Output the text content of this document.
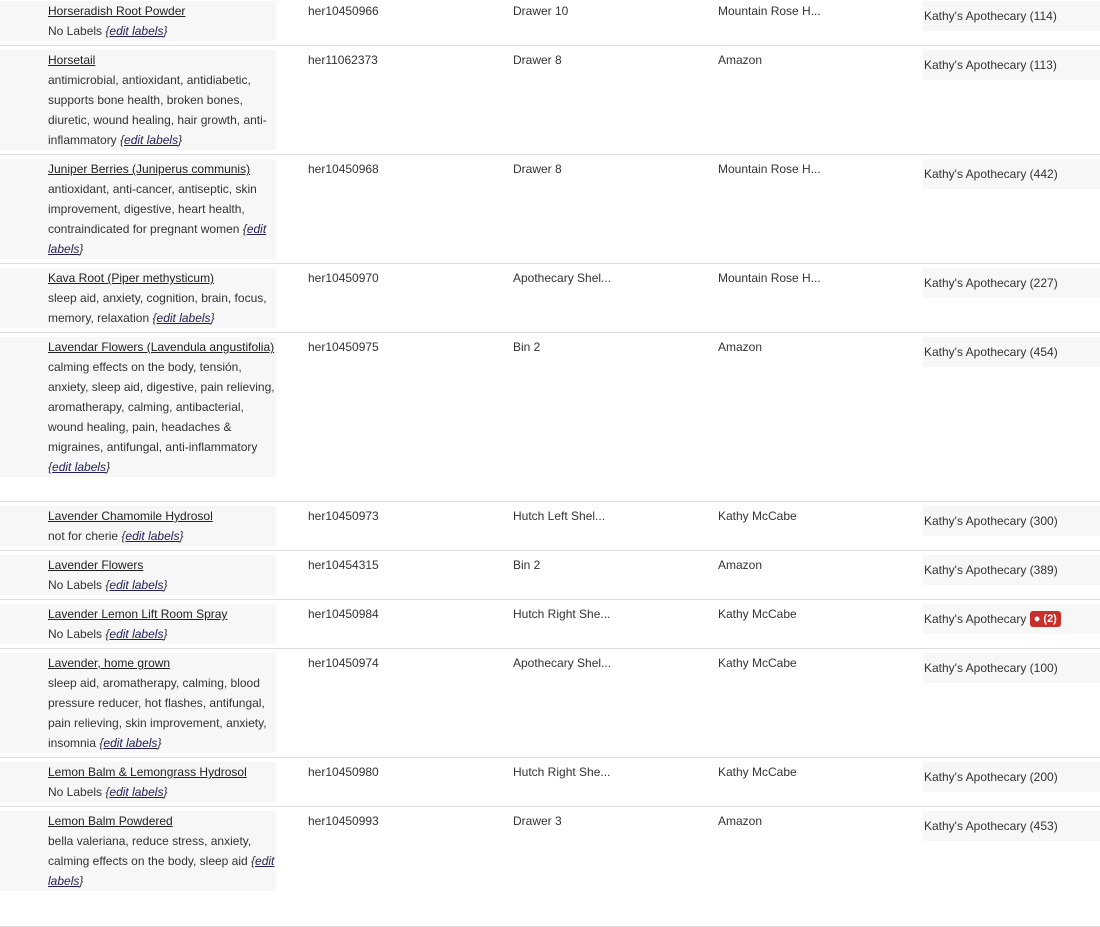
Horseradish Root Powder
No Labels {edit labels}
her10450966	Drawer 10	Mountain Rose H...	Kathy's Apothecary (114)
Horsetail
antimicrobial, antioxidant, antidiabetic, supports bone health, broken bones, diuretic, wound healing, hair growth, anti-inflammatory {edit labels}
her11062373	Drawer 8	Amazon	Kathy's Apothecary (113)
Juniper Berries (Juniperus communis)
antioxidant, anti-cancer, antiseptic, skin improvement, digestive, heart health, contraindicated for pregnant women {edit labels}
her10450968	Drawer 8	Mountain Rose H...	Kathy's Apothecary (442)
Kava Root (Piper methysticum)
sleep aid, anxiety, cognition, brain, focus, memory, relaxation {edit labels}
her10450970	Apothecary Shel...	Mountain Rose H...	Kathy's Apothecary (227)
Lavendar Flowers (Lavendula angustifolia)
calming effects on the body, tensión, anxiety, sleep aid, digestive, pain relieving, aromatherapy, calming, antibacterial, wound healing, pain, headaches & migraines, antifungal, anti-inflammatory {edit labels}
her10450975	Bin 2	Amazon	Kathy's Apothecary (454)
Lavender Chamomile Hydrosol
not for cherie {edit labels}
her10450973	Hutch Left Shel...	Kathy McCabe	Kathy's Apothecary (300)
Lavender Flowers
No Labels {edit labels}
her10454315	Bin 2	Amazon	Kathy's Apothecary (389)
Lavender Lemon Lift Room Spray
No Labels {edit labels}
her10450984	Hutch Right She...	Kathy McCabe	Kathy's Apothecary ● (2)
Lavender, home grown
sleep aid, aromatherapy, calming, blood pressure reducer, hot flashes, antifungal, pain relieving, skin improvement, anxiety, insomnia {edit labels}
her10450974	Apothecary Shel...	Kathy McCabe	Kathy's Apothecary (100)
Lemon Balm & Lemongrass Hydrosol
No Labels {edit labels}
her10450980	Hutch Right She...	Kathy McCabe	Kathy's Apothecary (200)
Lemon Balm Powdered
bella valeriana, reduce stress, anxiety, calming effects on the body, sleep aid {edit labels}
her10450993	Drawer 3	Amazon	Kathy's Apothecary (453)
